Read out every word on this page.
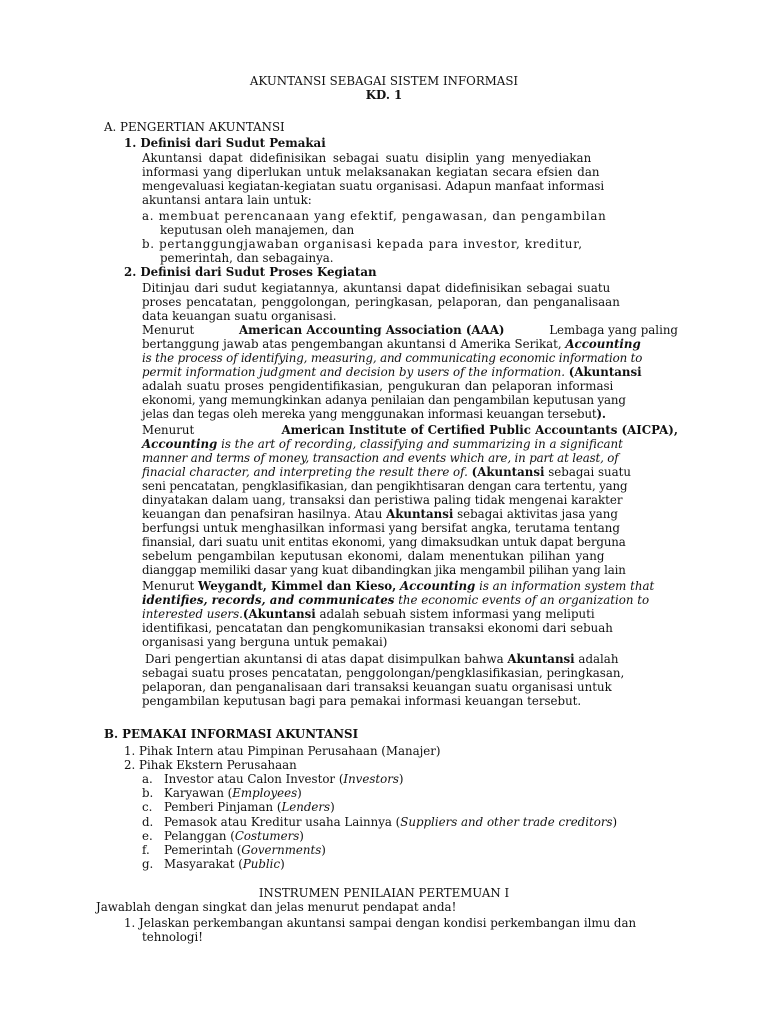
AKUNTANSI SEBAGAI SISTEM INFORMASI
KD. 1
A. PENGERTIAN AKUNTANSI
1. Definisi dari Sudut Pemakai
Akuntansi dapat didefinisikan sebagai suatu disiplin yang menyediakan
informasi yang diperlukan untuk melaksanakan kegiatan secara efsien dan
mengevaluasi kegiatan-kegiatan suatu organisasi. Adapun manfaat informasi
akuntansi antara lain untuk:
a. membuat perencanaan yang efektif, pengawasan, dan pengambilan
keputusan oleh manajemen, dan
b. pertanggungjawaban organisasi kepada para investor, kreditur,
pemerintah, dan sebagainya.
2. Definisi dari Sudut Proses Kegiatan
Ditinjau dari sudut kegiatannya, akuntansi dapat didefinisikan sebagai suatu
proses pencatatan, penggolongan, peringkasan, pelaporan, dan penganalisaan
data keuangan suatu organisasi.
Menurut	American Accounting Association (AAA)	Lembaga yang paling
bertanggung jawab atas pengembangan akuntansi d Amerika Serikat, Accounting
is the process of identifying, measuring, and communicating economic information to
permit information judgment and decision by users of the information. (Akuntansi
adalah suatu proses pengidentifikasian, pengukuran dan pelaporan informasi
ekonomi, yang memungkinkan adanya penilaian dan pengambilan keputusan yang
jelas dan tegas oleh mereka yang menggunakan informasi keuangan tersebut).
Menurut	American Institute of Certified Public Accountants (AICPA),
Accounting is the art of recording, classifying and summarizing in a significant
manner and terms of money, transaction and events which are, in part at least, of
finacial character, and interpreting the result there of. (Akuntansi sebagai suatu
seni pencatatan, pengklasifikasian, dan pengikhtisaran dengan cara tertentu, yang
dinyatakan dalam uang, transaksi dan peristiwa paling tidak mengenai karakter
keuangan dan penafsiran hasilnya. Atau Akuntansi sebagai aktivitas jasa yang
berfungsi untuk menghasilkan informasi yang bersifat angka, terutama tentang
finansial, dari suatu unit entitas ekonomi, yang dimaksudkan untuk dapat berguna
sebelum pengambilan keputusan ekonomi, dalam menentukan pilihan yang
dianggap memiliki dasar yang kuat dibandingkan jika mengambil pilihan yang lain
Menurut Weygandt, Kimmel dan Kieso, Accounting is an information system that
identifies, records, and communicates the economic events of an organization to
interested users.(Akuntansi adalah sebuah sistem informasi yang meliputi
identifikasi, pencatatan dan pengkomunikasian transaksi ekonomi dari sebuah
organisasi yang berguna untuk pemakai)
Dari pengertian akuntansi di atas dapat disimpulkan bahwa Akuntansi adalah
sebagai suatu proses pencatatan, penggolongan/pengklasifikasian, peringkasan,
pelaporan, dan penganalisaan dari transaksi keuangan suatu organisasi untuk
pengambilan keputusan bagi para pemakai informasi keuangan tersebut.
B. PEMAKAI INFORMASI AKUNTANSI
1. Pihak Intern atau Pimpinan Perusahaan (Manajer)
2. Pihak Ekstern Perusahaan
a. Investor atau Calon Investor (Investors)
b. Karyawan (Employees)
c. Pemberi Pinjaman (Lenders)
d. Pemasok atau Kreditur usaha Lainnya (Suppliers and other trade creditors)
e. Pelanggan (Costumers)
f. Pemerintah (Governments)
g. Masyarakat (Public)
INSTRUMEN PENILAIAN PERTEMUAN I
Jawablah dengan singkat dan jelas menurut pendapat anda!
1. Jelaskan perkembangan akuntansi sampai dengan kondisi perkembangan ilmu dan
tehnologi!
